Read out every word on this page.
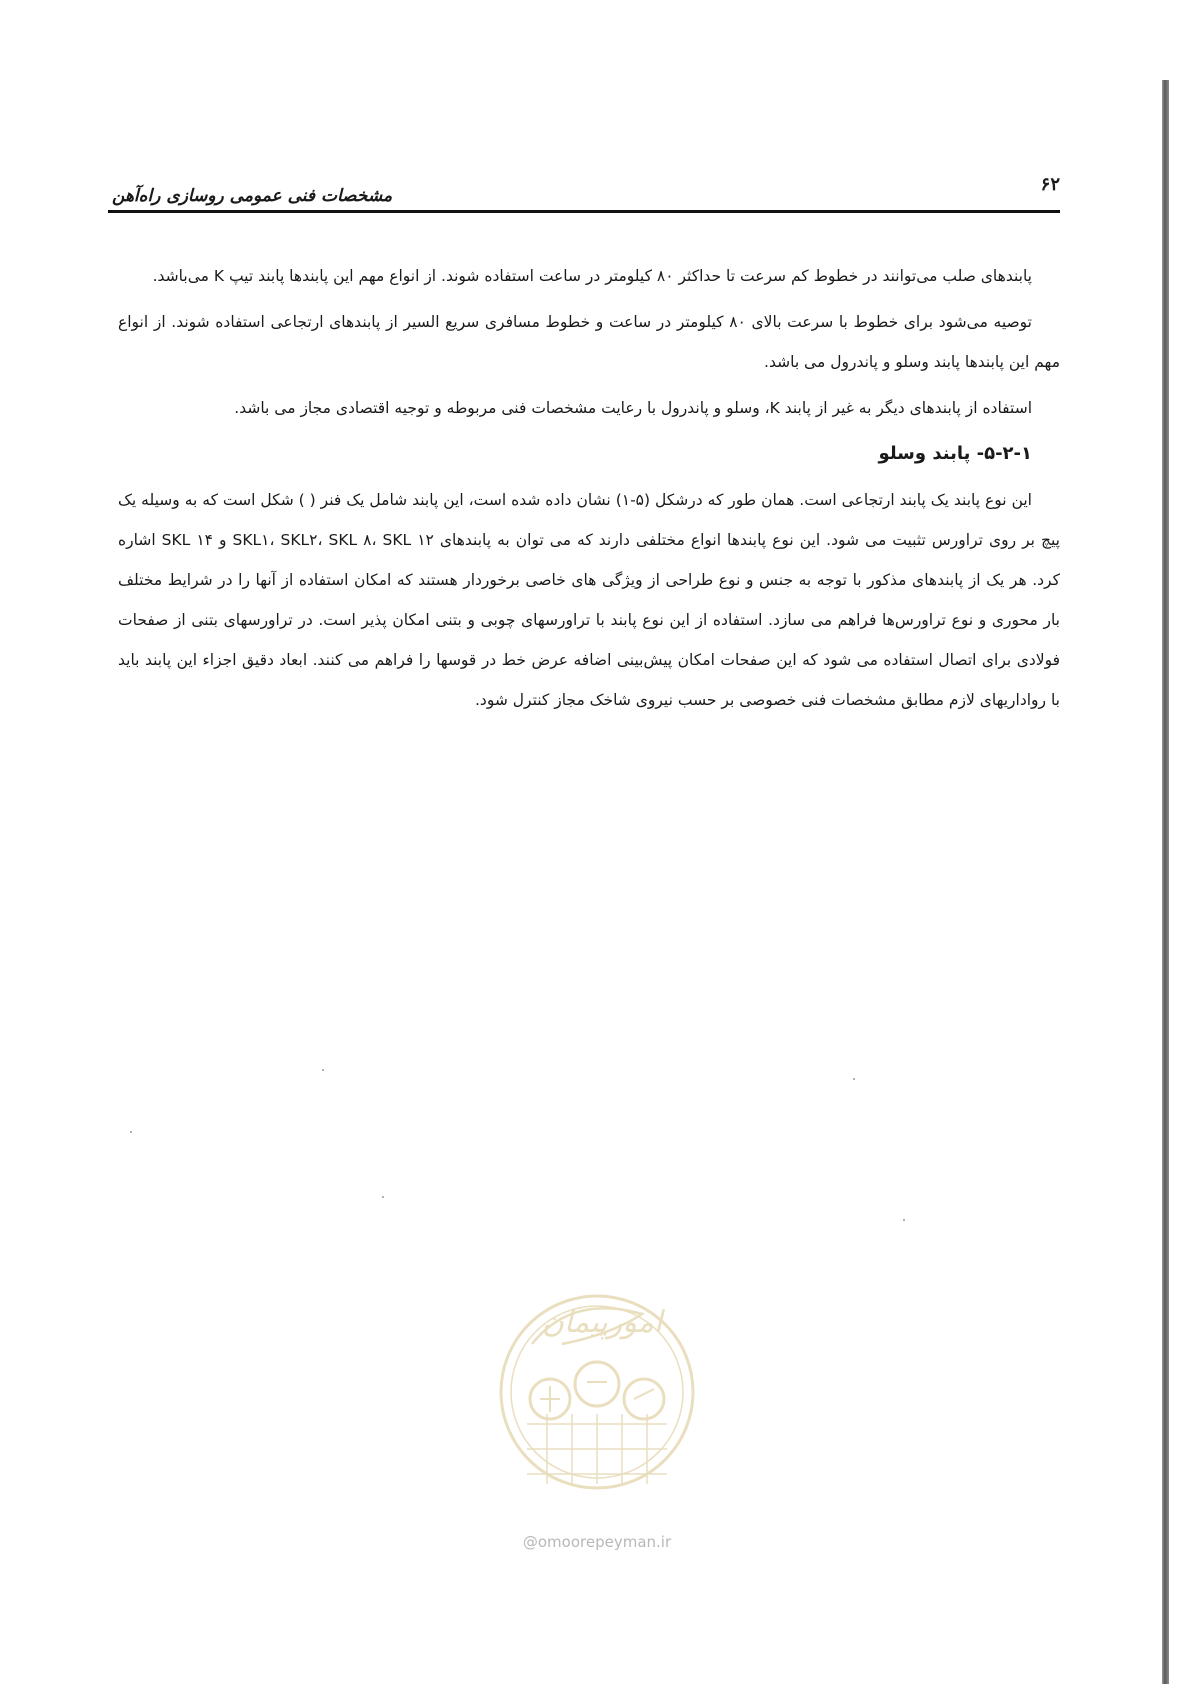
۶۲
مشخصات فنی عمومی روسازی راه‌آهن

پابندهای صلب می‌توانند در خطوط کم سرعت تا حداکثر ۸۰ کیلومتر در ساعت استفاده شوند. از انواع مهم این پابندها پابند تیپ K می‌باشد.

توصیه می‌شود برای خطوط با سرعت بالای ۸۰ کیلومتر در ساعت و خطوط مسافری سریع السیر از پابندهای ارتجاعی استفاده شوند. از انواع مهم این پابندها پابند وسلو و پاندرول می باشد.

استفاده از پابندهای دیگر به غیر از پابند K، وسلو و پاندرول با رعایت مشخصات فنی مربوطه و توجیه اقتصادی مجاز می باشد.

۵-۲-۱- پابند وسلو

این نوع پابند یک پابند ارتجاعی است. همان طور که درشکل (۵-۱) نشان داده شده است، این پابند شامل یک فنر ( ) شکل است که به وسیله یک پیچ بر روی تراورس تثبیت می شود. این نوع پابندها انواع مختلفی دارند که می توان به پابندهای SKL۱، SKL۲، SKL ۸، SKL ۱۲ و SKL ۱۴ اشاره کرد. هر یک از پابندهای مذکور با توجه به جنس و نوع طراحی از ویژگی های خاصی برخوردار هستند که امکان استفاده از آنها را در شرایط مختلف بار محوری و نوع تراورس‌ها فراهم می سازد. استفاده از این نوع پابند با تراورسهای چوبی و بتنی امکان پذیر است. در تراورسهای بتنی از صفحات فولادی برای اتصال استفاده می شود که این صفحات امکان پیش‌بینی اضافه عرض خط در قوسها را فراهم می کنند. ابعاد دقیق اجزاء این پابند باید با رواداریهای لازم مطابق مشخصات فنی خصوصی بر حسب نیروی شاخک مجاز کنترل شود.

امورپیمان
@omoorepeyman.ir
